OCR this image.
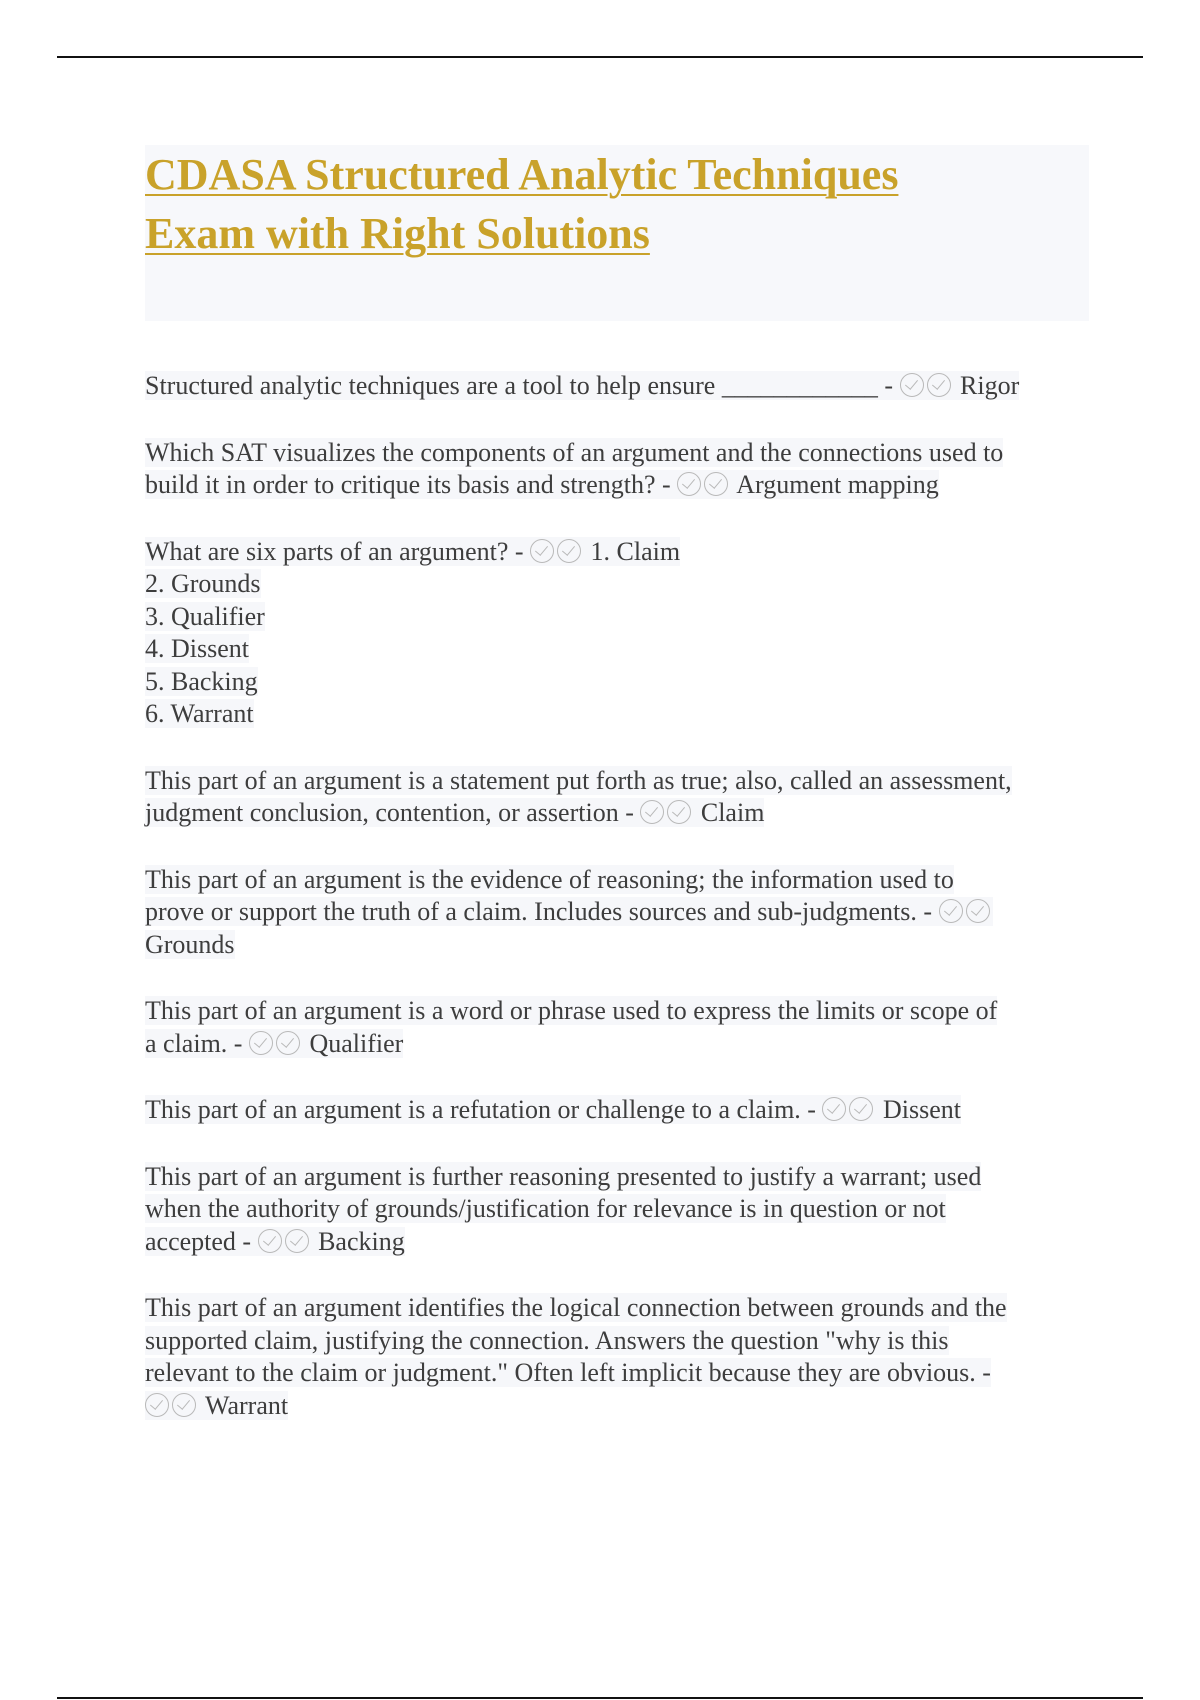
CDASA Structured Analytic Techniques
Exam with Right Solutions

Structured analytic techniques are a tool to help ensure ____________ -  Rigor

Which SAT visualizes the components of an argument and the connections used to
build it in order to critique its basis and strength? -  Argument mapping

What are six parts of an argument? -  1. Claim
2. Grounds
3. Qualifier
4. Dissent
5. Backing
6. Warrant

This part of an argument is a statement put forth as true; also, called an assessment,
judgment conclusion, contention, or assertion -  Claim

This part of an argument is the evidence of reasoning; the information used to
prove or support the truth of a claim. Includes sources and sub-judgments. -
Grounds

This part of an argument is a word or phrase used to express the limits or scope of
a claim. -  Qualifier

This part of an argument is a refutation or challenge to a claim. -  Dissent

This part of an argument is further reasoning presented to justify a warrant; used
when the authority of grounds/justification for relevance is in question or not
accepted -  Backing

This part of an argument identifies the logical connection between grounds and the
supported claim, justifying the connection. Answers the question "why is this
relevant to the claim or judgment." Often left implicit because they are obvious. -
Warrant
